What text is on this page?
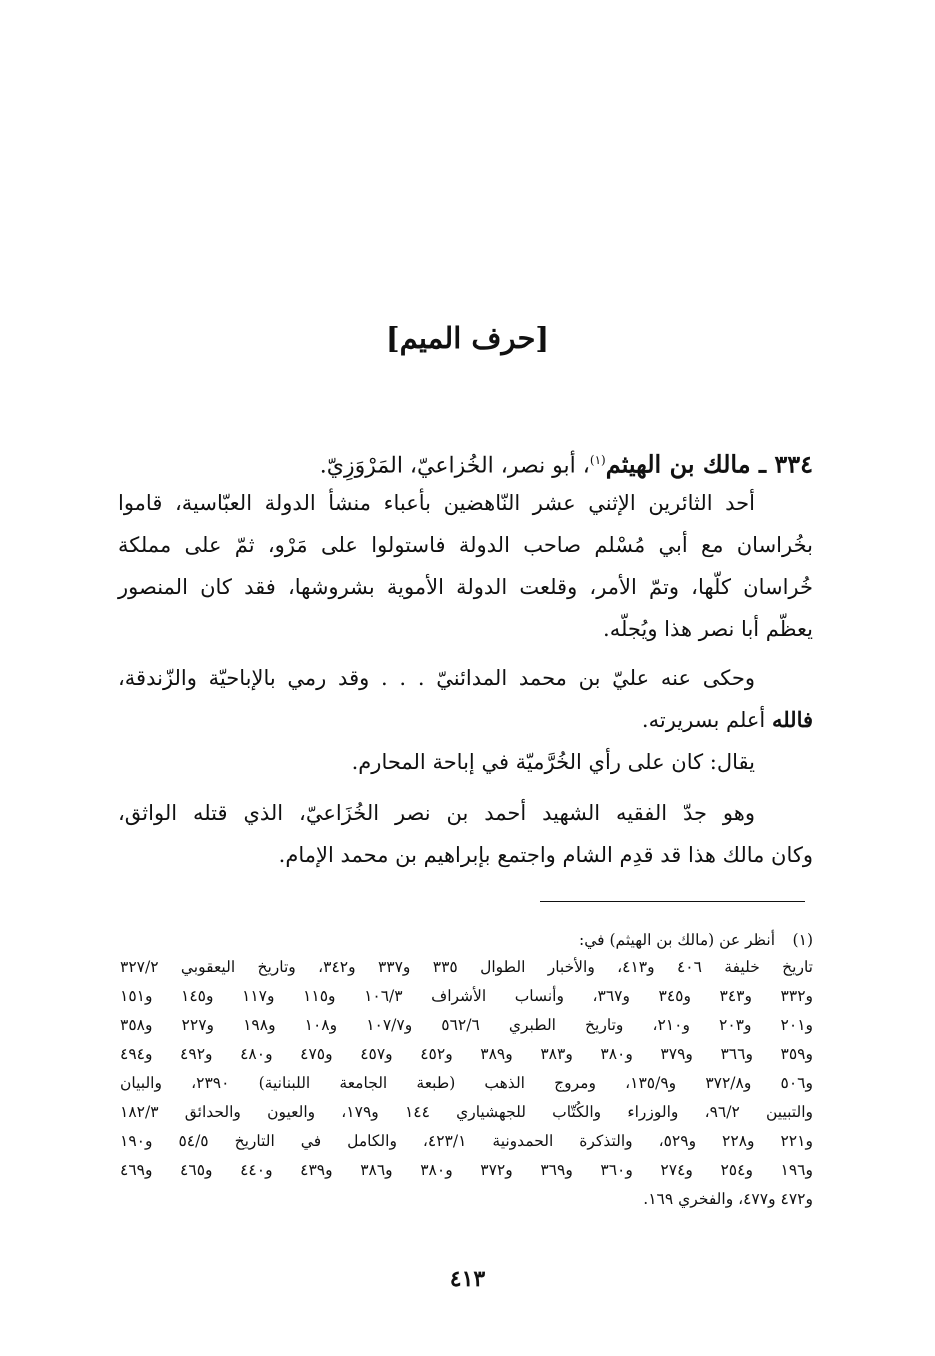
[حرف الميم]
٣٣٤ ـ مالك بن الهيثم$^{(١)}$، أبو نصر، الخُزاعيّ، المَرْوَزِيّ.
أحد الثائرين الإثني عشر النّاهضين بأعباء منشأ الدولة العبّاسية، قاموا
بخُراسان مع أبي مُسْلم صاحب الدولة فاستولوا على مَرْو، ثمّ على مملكة
خُراسان كلّها، وتمّ الأمر، وقلعت الدولة الأموية بشروشها، فقد كان المنصور
يعظّم أبا نصر هذا ويُجلّه.
وحكى عنه عليّ بن محمد المدائنيّ . . . وقد رمي بالإباحيّة والزّندقة،
فالله أعلم بسريرته.
يقال: كان على رأي الخُرَّميّة في إباحة المحارم.
وهو جدّ الفقيه الشهيد أحمد بن نصر الخُزَاعيّ، الذي قتله الواثق،
وكان مالك هذا قد قدِم الشام واجتمع بإبراهيم بن محمد الإمام.
(١)
أنظر عن (مالك بن الهيثم) في:
تاريخ خليفة ٤٠٦ و٤١٣، والأخبار الطوال ٣٣٥ و٣٣٧ و٣٤٢، وتاريخ اليعقوبي ٣٢٧/٢
و٣٣٢ و٣٤٣ و٣٤٥ و٣٦٧، وأنساب الأشراف ١٠٦/٣ و١١٥ و١١٧ و١٤٥ و١٥١
و٢٠١ و٢٠٣ و٢١٠، وتاريخ الطبري ٥٦٢/٦ و١٠٧/٧ و١٠٨ و١٩٨ و٢٢٧ و٣٥٨
و٣٥٩ و٣٦٦ و٣٧٩ و٣٨٠ و٣٨٣ و٣٨٩ و٤٥٢ و٤٥٧ و٤٧٥ و٤٨٠ و٤٩٢ و٤٩٤
و٥٠٦ و٣٧٢/٨ و١٣٥/٩، ومروج الذهب (طبعة الجامعة اللبنانية) ٢٣٩٠، والبيان
والتبيين ٩٦/٢، والوزراء والكُتّاب للجهشياري ١٤٤ و١٧٩، والعيون والحدائق ١٨٢/٣
و٢٢١ و٢٢٨ و٥٢٩، والتذكرة الحمدونية ٤٢٣/١، والكامل في التاريخ ٥٤/٥ و١٩٠
و١٩٦ و٢٥٤ و٢٧٤ و٣٦٠ و٣٦٩ و٣٧٢ و٣٨٠ و٣٨٦ و٤٣٩ و٤٤٠ و٤٦٥ و٤٦٩
و٤٧٢ و٤٧٧، والفخري ١٦٩.
٤١٣
